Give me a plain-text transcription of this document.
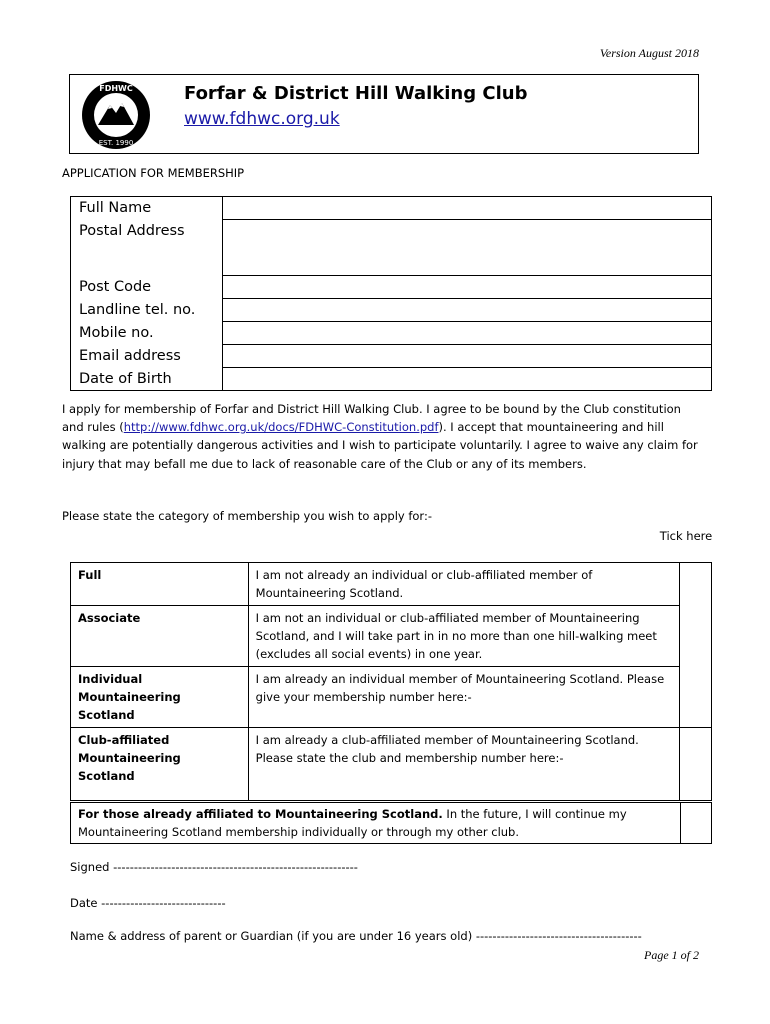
Version August 2018
FDHWC
EST. 1990
Forfar & District Hill Walking Club
www.fdhwc.org.uk
APPLICATION FOR MEMBERSHIP
Full Name	
Postal Address	
Post Code	
Landline tel. no.	
Mobile no.	
Email address	
Date of Birth	
I apply for membership of Forfar and District Hill Walking Club. I agree to be bound by the Club constitution and rules (http://www.fdhwc.org.uk/docs/FDHWC-Constitution.pdf). I accept that mountaineering and hill walking are potentially dangerous activities and I wish to participate voluntarily. I agree to waive any claim for injury that may befall me due to lack of reasonable care of the Club or any of its members.
Please state the category of membership you wish to apply for:-
Tick here
Full	I am not already an individual or club-affiliated member of Mountaineering Scotland.	
Associate	I am not an individual or club-affiliated member of Mountaineering Scotland, and I will take part in in no more than one hill-walking meet (excludes all social events) in one year.	
Individual Mountaineering Scotland	I am already an individual member of Mountaineering Scotland. Please give your membership number here:-	
Club-affiliated Mountaineering Scotland	I am already a club-affiliated member of Mountaineering Scotland. Please state the club and membership number here:-	
For those already affiliated to Mountaineering Scotland. In the future, I will continue my Mountaineering Scotland membership individually or through my other club.	
Signed -----------------------------------------------------------
Date ------------------------------
Name & address of parent or Guardian (if you are under 16 years old) ----------------------------------------
Page 1 of 2
